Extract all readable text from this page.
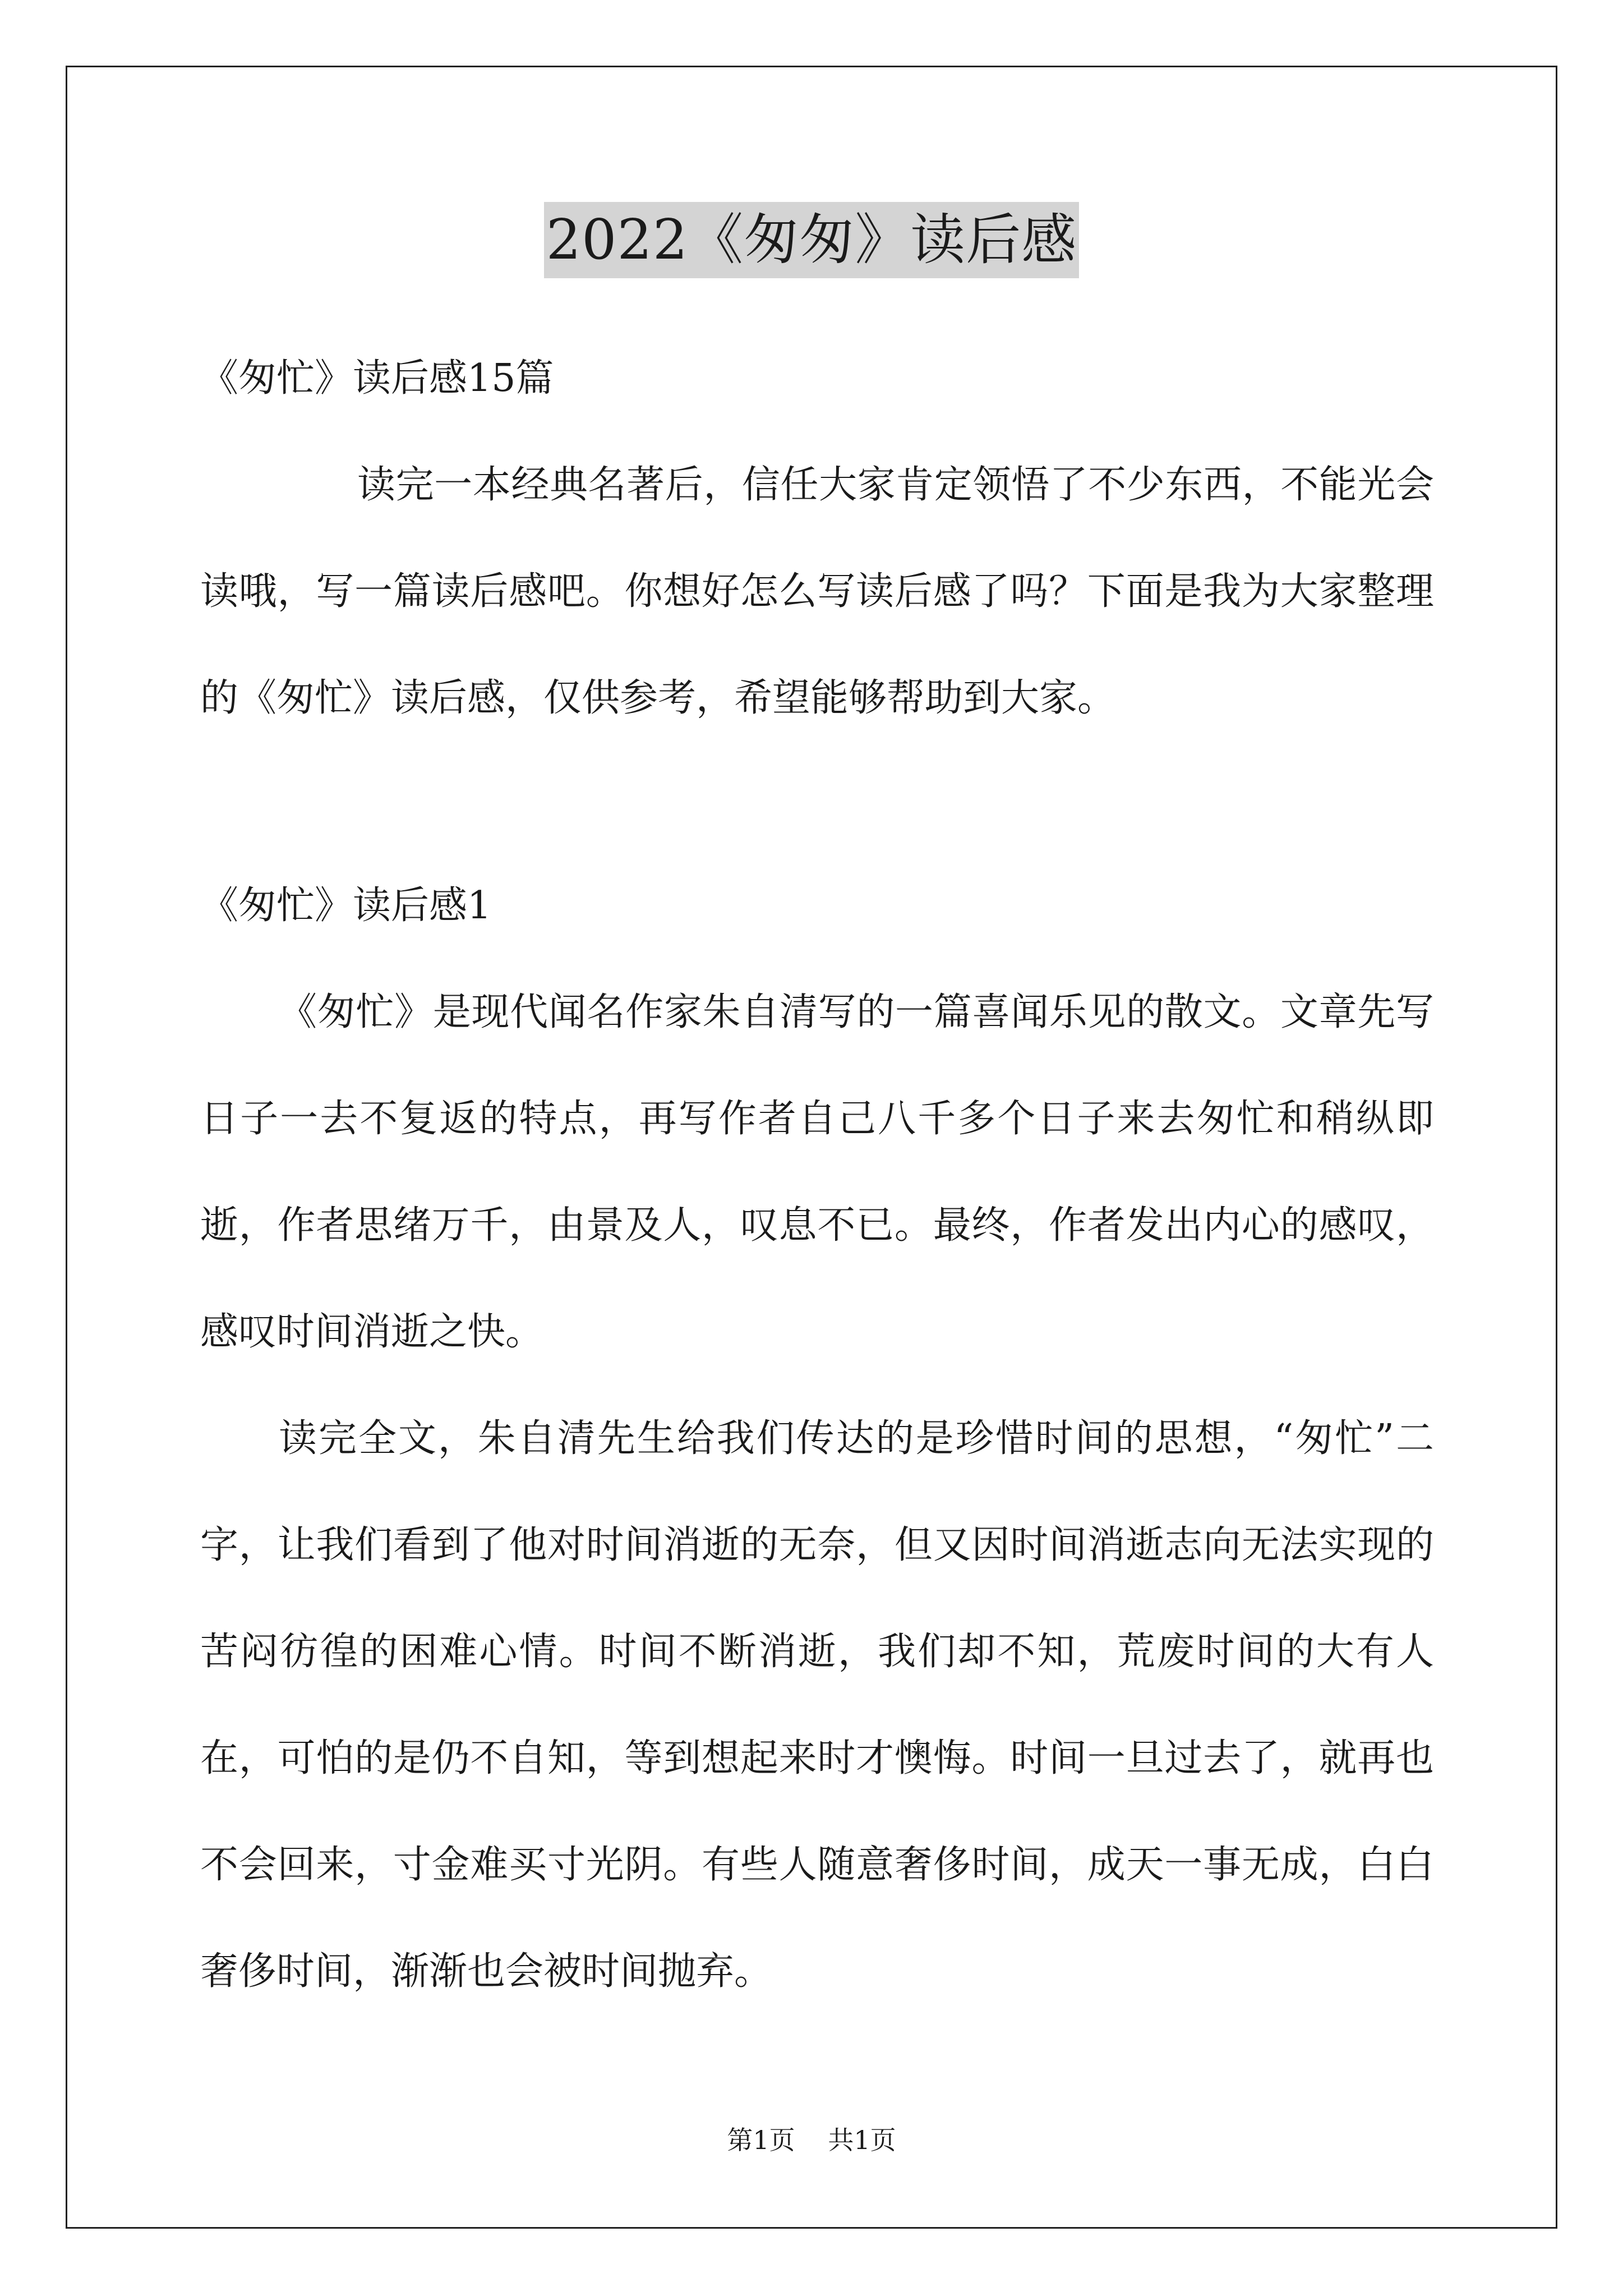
2022《匆匆》读后感

《匆忙》读后感15篇

读完一本经典名著后，信任大家肯定领悟了不少东西，不能光会读哦，写一篇读后感吧。你想好怎么写读后感了吗？下面是我为大家整理的《匆忙》读后感，仅供参考，希望能够帮助到大家。

《匆忙》读后感1

《匆忙》是现代闻名作家朱自清写的一篇喜闻乐见的散文。文章先写日子一去不复返的特点，再写作者自己八千多个日子来去匆忙和稍纵即逝，作者思绪万千，由景及人，叹息不已。最终，作者发出内心的感叹，感叹时间消逝之快。

读完全文，朱自清先生给我们传达的是珍惜时间的思想，“匆忙”二字，让我们看到了他对时间消逝的无奈，但又因时间消逝志向无法实现的苦闷彷徨的困难心情。时间不断消逝，我们却不知，荒废时间的大有人在，可怕的是仍不自知，等到想起来时才懊悔。时间一旦过去了，就再也不会回来，寸金难买寸光阴。有些人随意奢侈时间，成天一事无成，白白奢侈时间，渐渐也会被时间抛弃。

第1页 共1页
